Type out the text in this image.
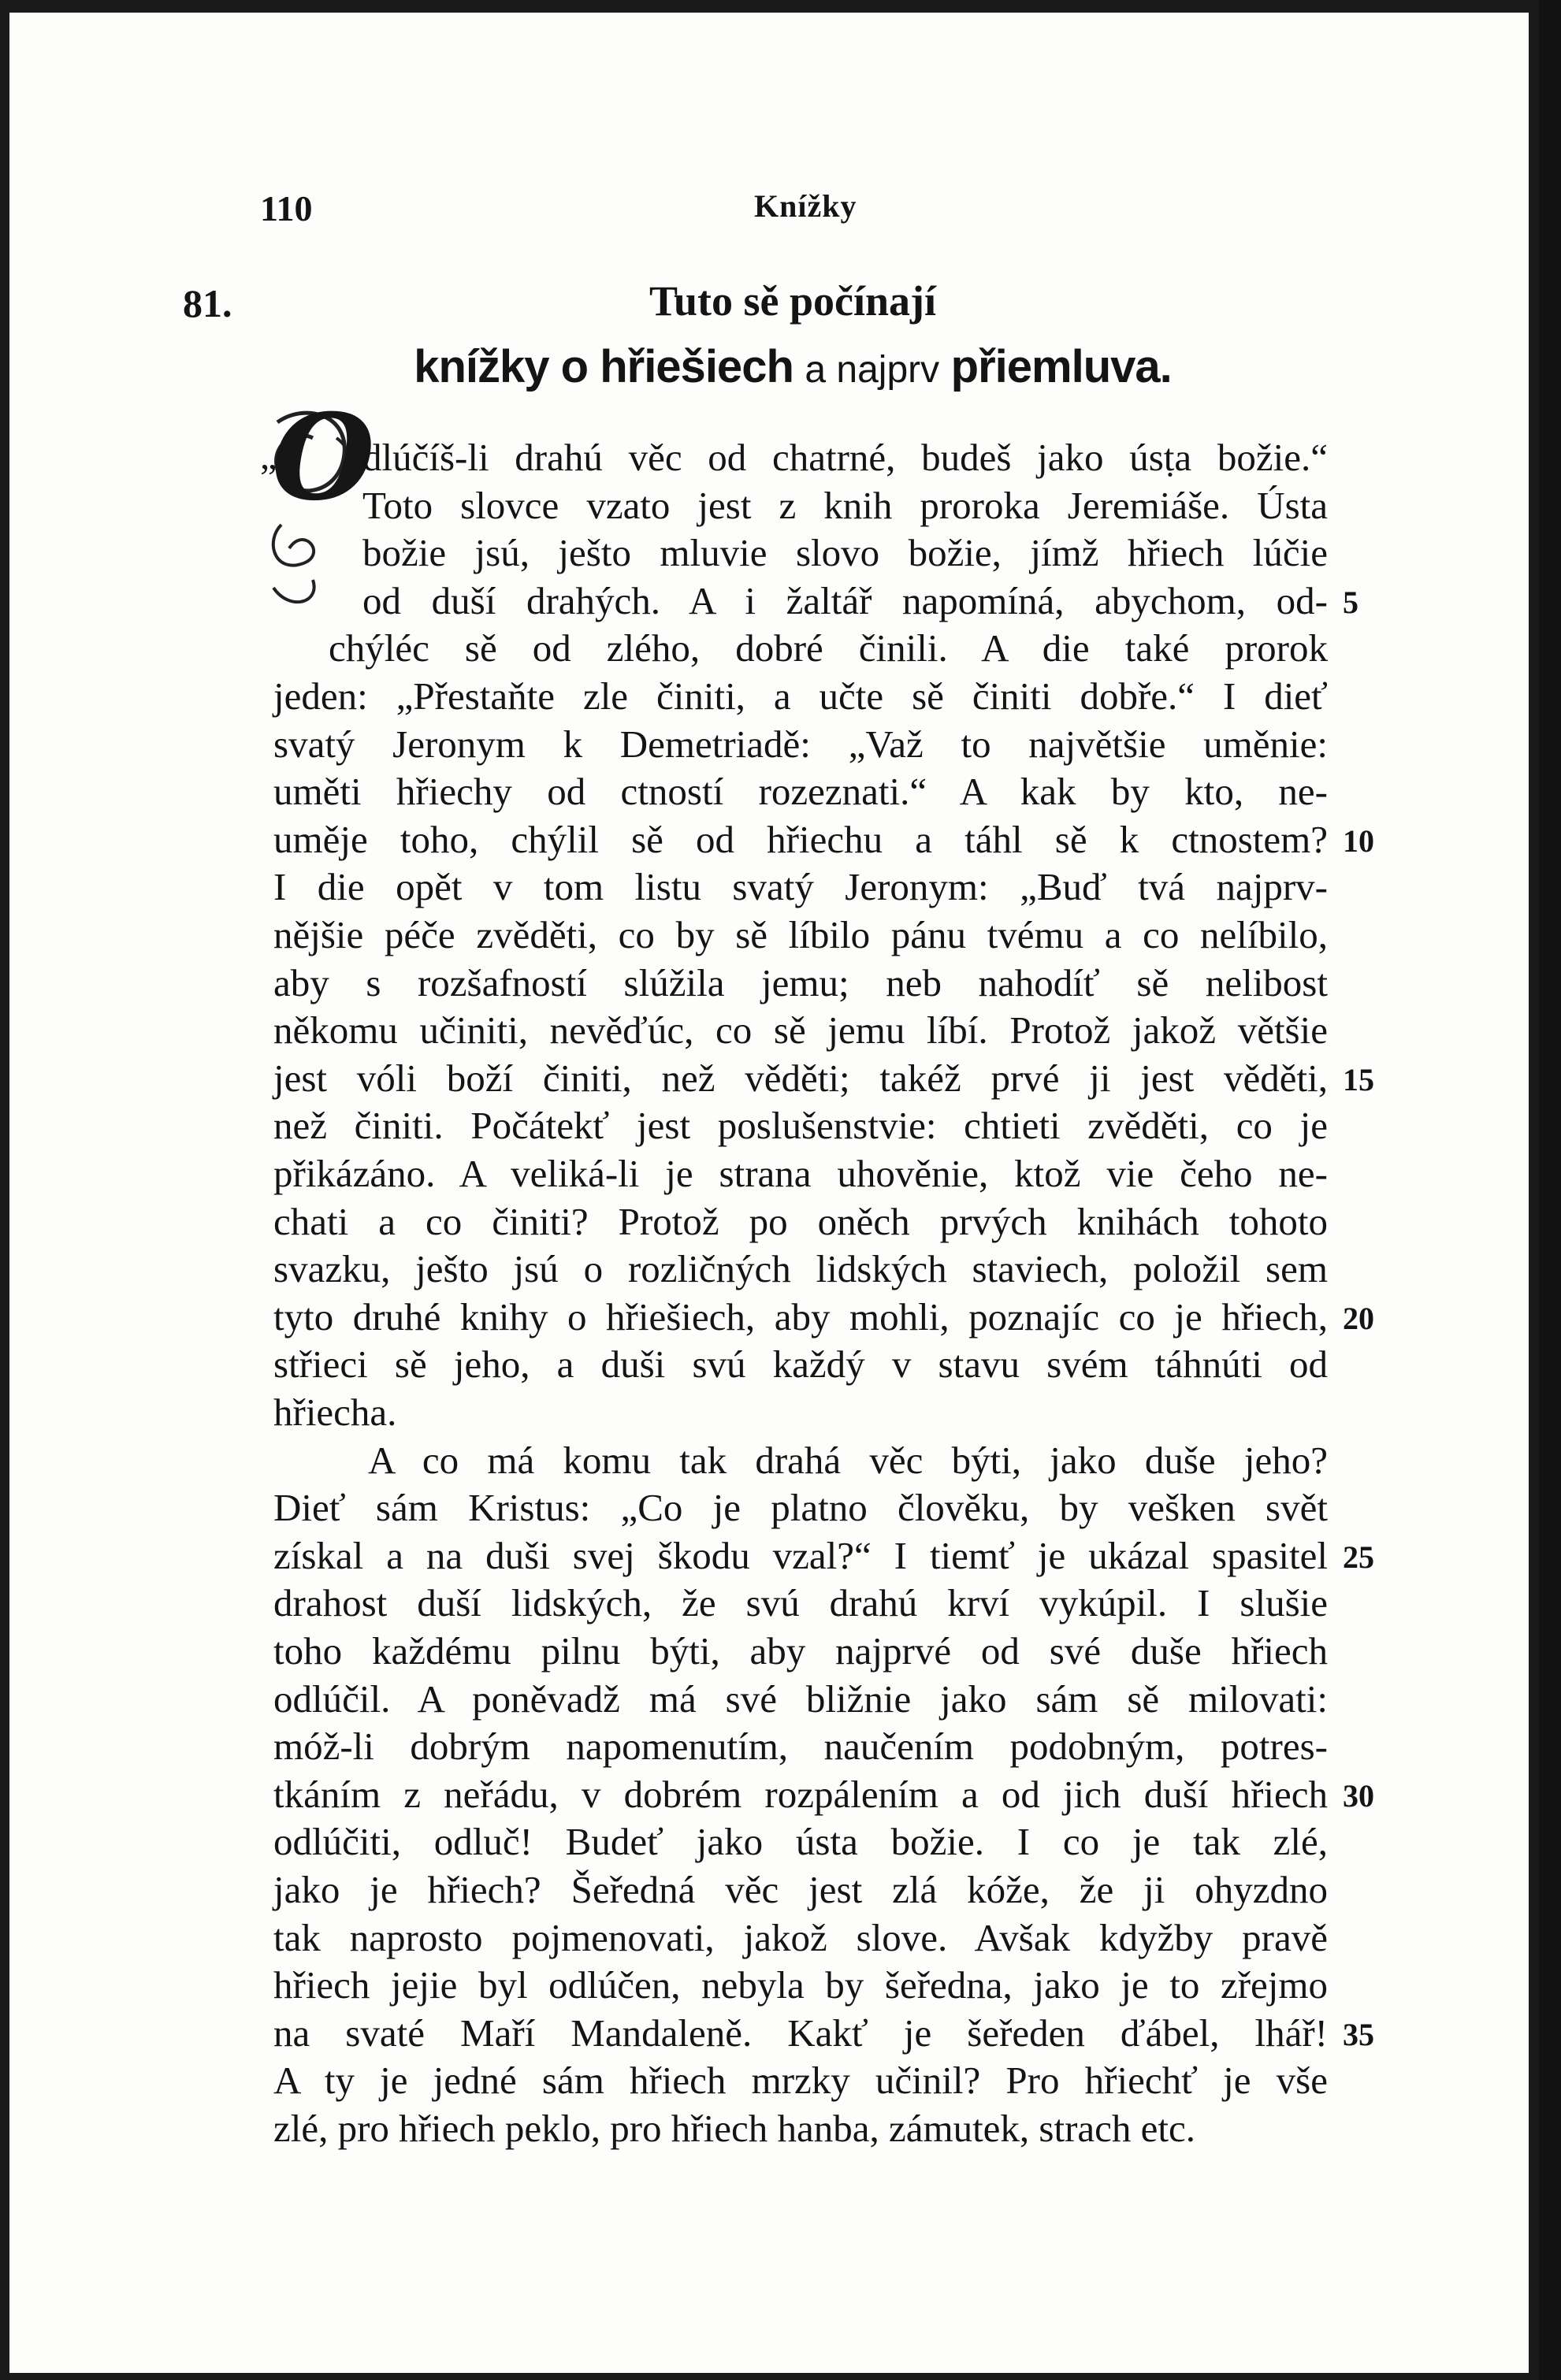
110	Knížky
81.	Tuto sě počínají
knížky o hřiešiech a najprv přiemluva.
„
O
dlúčíš-li drahú věc od chatrné, budeš jako úsṭa božie.“
Toto slovce vzato jest z knih proroka Jeremiáše. Ústa
božie jsú, ješto mluvie slovo božie, jímž hřiech lúčie
od duší drahých. A i žaltář napomíná, abychom, od-
chýléc sě od zlého, dobré činili. A die také prorok
jeden: „Přestaňte zle činiti, a učte sě činiti dobře.“ I dieť
svatý Jeronym k Demetriadě: „Važ to najvětšie uměnie:
uměti hřiechy od ctností rozeznati.“ A kak by kto, ne-
uměje toho, chýlil sě od hřiechu a táhl sě k ctnostem?
I die opět v tom listu svatý Jeronym: „Buď tvá najprv-
nějšie péče zvěděti, co by sě líbilo pánu tvému a co nelíbilo,
aby s rozšafností slúžila jemu; neb nahodíť sě nelibost
někomu učiniti, nevěďúc, co sě jemu líbí. Protož jakož většie
jest vóli boží činiti, než věděti; takéž prvé ji jest věděti,
než činiti. Počátekť jest poslušenstvie: chtieti zvěděti, co je
přikázáno. A veliká-li je strana uhověnie, ktož vie čeho ne-
chati a co činiti? Protož po oněch prvých knihách tohoto
svazku, ješto jsú o rozličných lidských staviech, položil sem
tyto druhé knihy o hřiešiech, aby mohli, poznajíc co je hřiech,
střieci sě jeho, a duši svú každý v stavu svém táhnúti od
hřiecha.
A co má komu tak drahá věc býti, jako duše jeho?
Dieť sám Kristus: „Co je platno člověku, by vešken svět
získal a na duši svej škodu vzal?“ I tiemť je ukázal spasitel
drahost duší lidských, že svú drahú krví vykúpil. I slušie
toho každému pilnu býti, aby najprvé od své duše hřiech
odlúčil. A poněvadž má své bližnie jako sám sě milovati:
móž-li dobrým napomenutím, naučením podobným, potres-
tkáním z neřádu, v dobrém rozpálením a od jich duší hřiech
odlúčiti, odluč! Budeť jako ústa božie. I co je tak zlé,
jako je hřiech? Šeředná věc jest zlá kóže, že ji ohyzdno
tak naprosto pojmenovati, jakož slove. Avšak kdyžby pravě
hřiech jejie byl odlúčen, nebyla by šeředna, jako je to zřejmo
na svaté Maří Mandaleně. Kakť je šeředen ďábel, lhář!
A ty je jedné sám hřiech mrzky učinil? Pro hřiechť je vše
zlé, pro hřiech peklo, pro hřiech hanba, zámutek, strach etc.
5
10
15
20
25
30
35
